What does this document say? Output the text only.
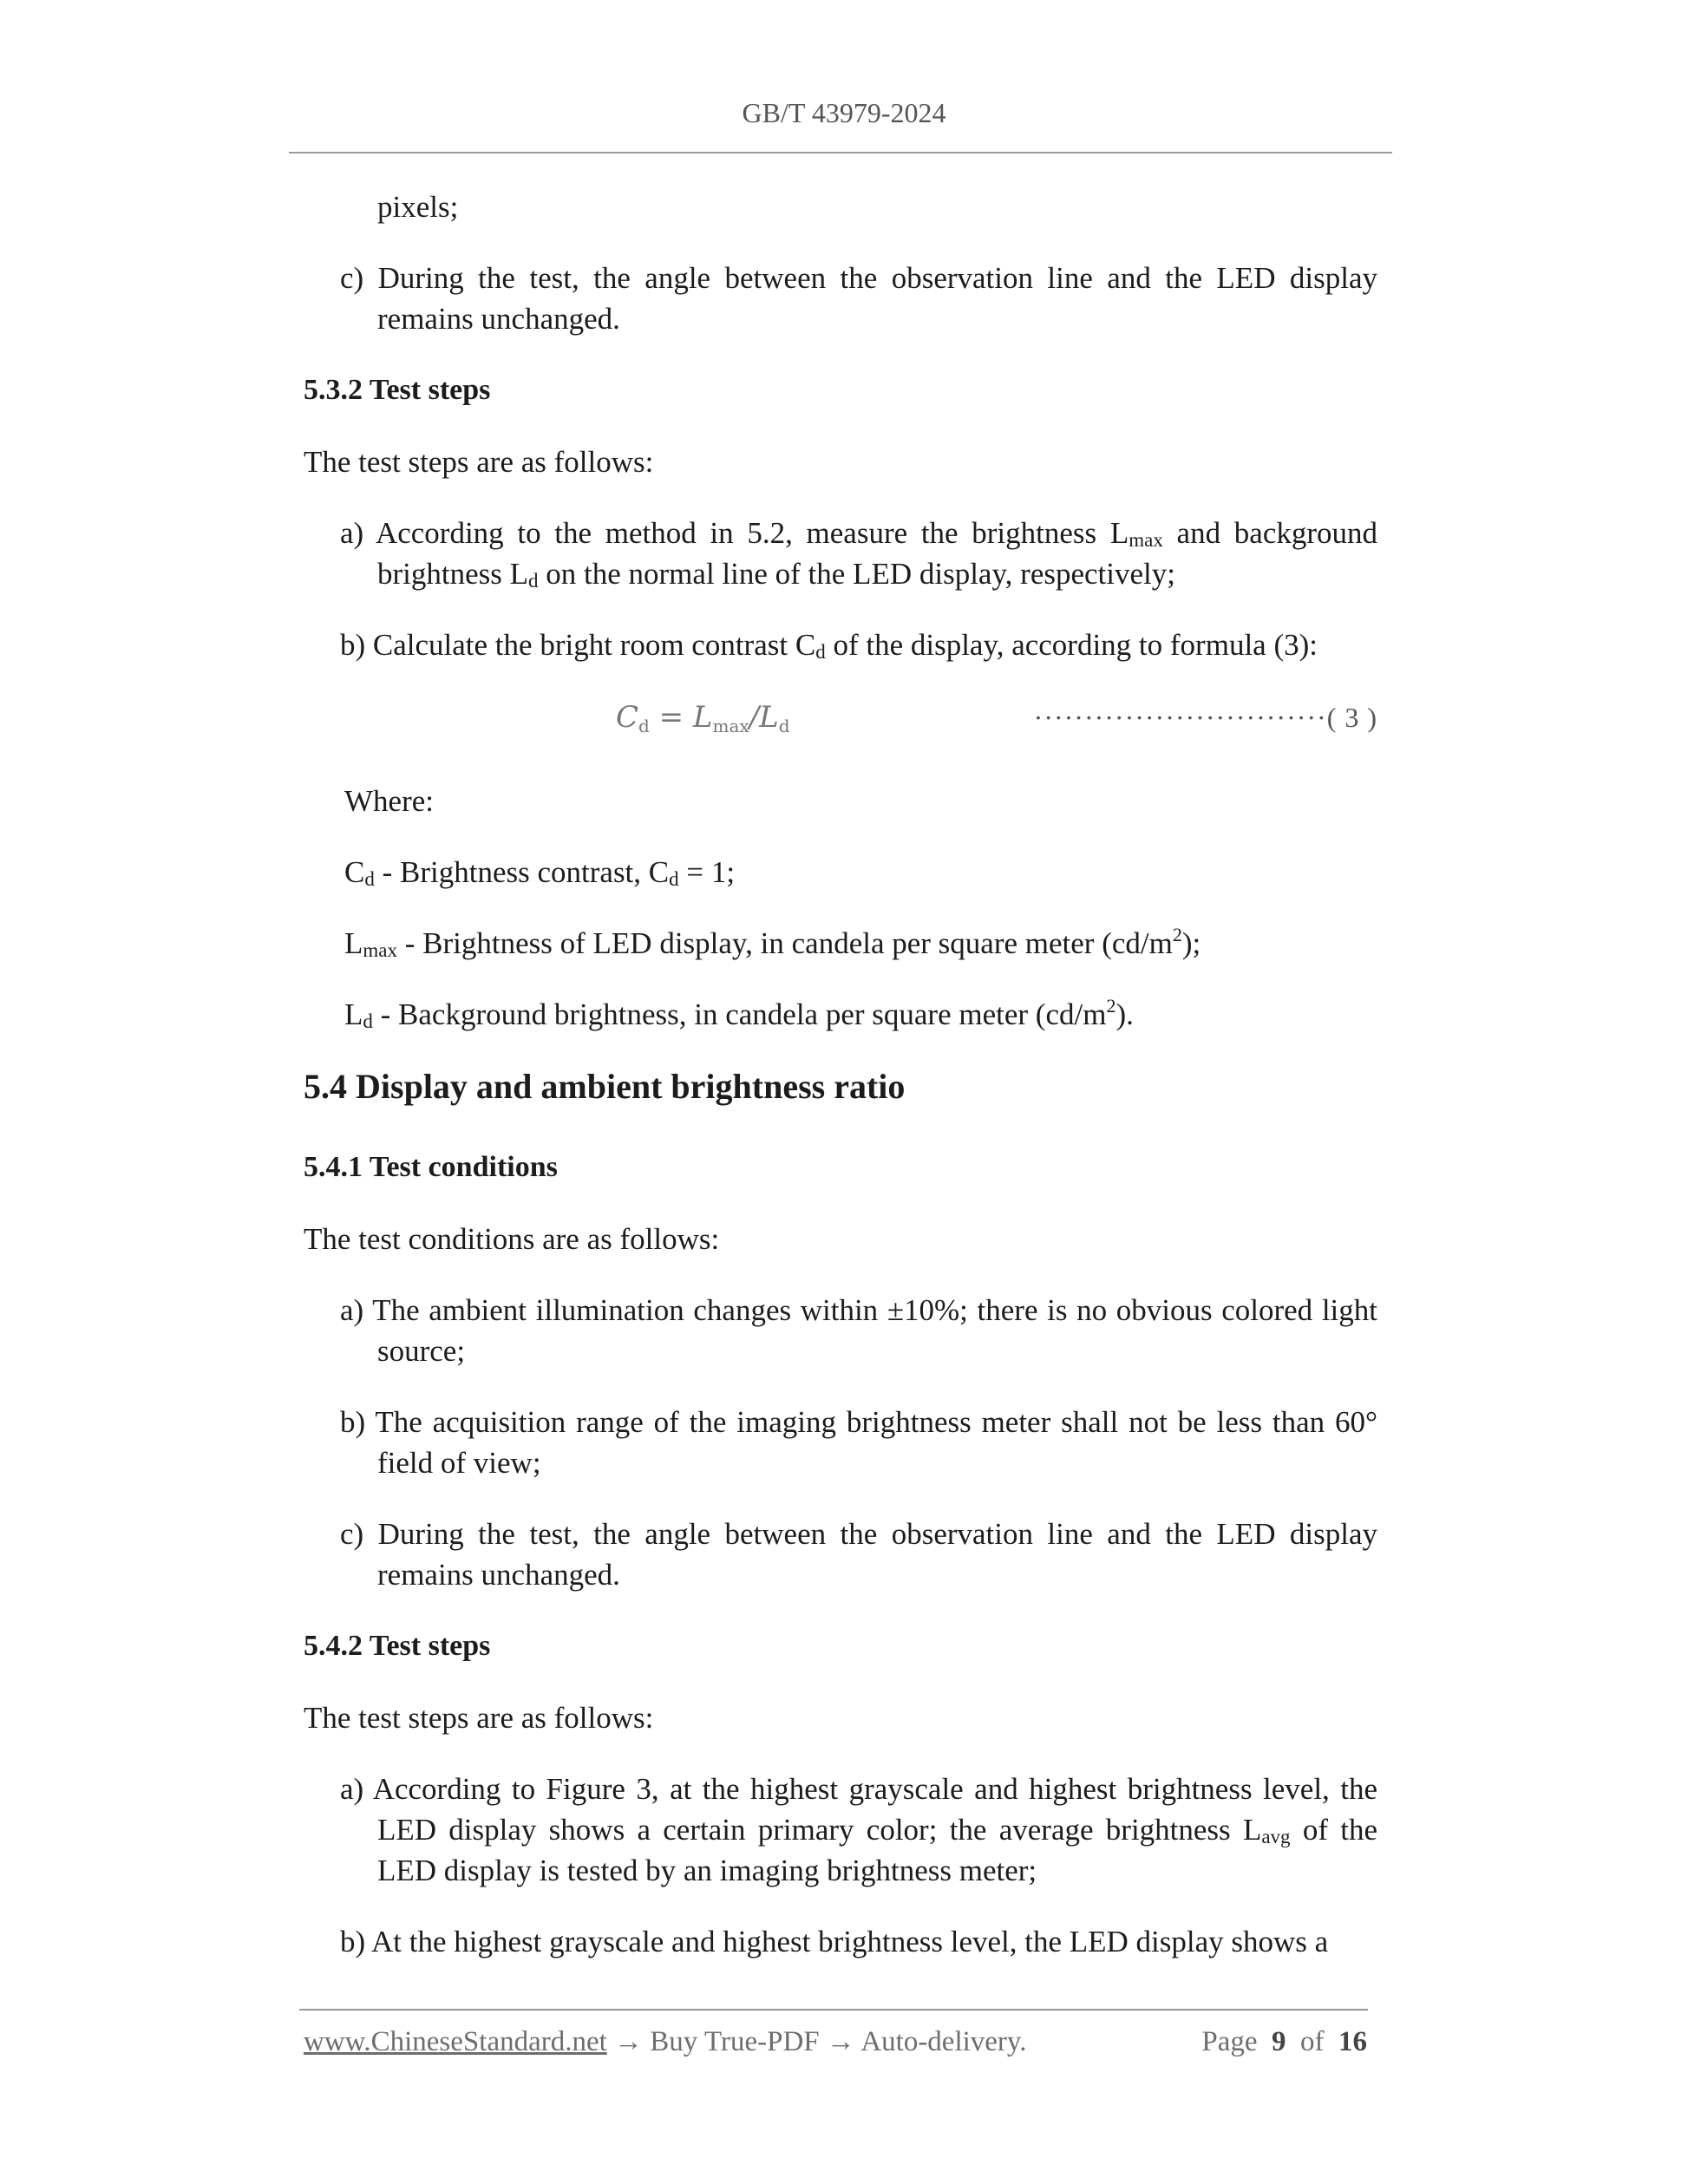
GB/T 43979-2024
pixels;
c) During the test, the angle between the observation line and the LED display remains unchanged.
5.3.2 Test steps
The test steps are as follows:
a) According to the method in 5.2, measure the brightness $L_{max}$ and background brightness $L_d$ on the normal line of the LED display, respectively;
b) Calculate the bright room contrast $C_d$ of the display, according to formula (3):
$C_d = L_{max}/L_d$	·····························( 3 )
Where:
$C_d$ - Brightness contrast, $C_d = 1$;
$L_{max}$ - Brightness of LED display, in candela per square meter $(cd/m^2)$;
$L_d$ - Background brightness, in candela per square meter $(cd/m^2)$.
5.4 Display and ambient brightness ratio
5.4.1 Test conditions
The test conditions are as follows:
a) The ambient illumination changes within ±10%; there is no obvious colored light source;
b) The acquisition range of the imaging brightness meter shall not be less than 60° field of view;
c) During the test, the angle between the observation line and the LED display remains unchanged.
5.4.2 Test steps
The test steps are as follows:
a) According to Figure 3, at the highest grayscale and highest brightness level, the LED display shows a certain primary color; the average brightness $L_{avg}$ of the LED display is tested by an imaging brightness meter;
b) At the highest grayscale and highest brightness level, the LED display shows a
www.ChineseStandard.net → Buy True-PDF → Auto-delivery.	Page 9 of 16
